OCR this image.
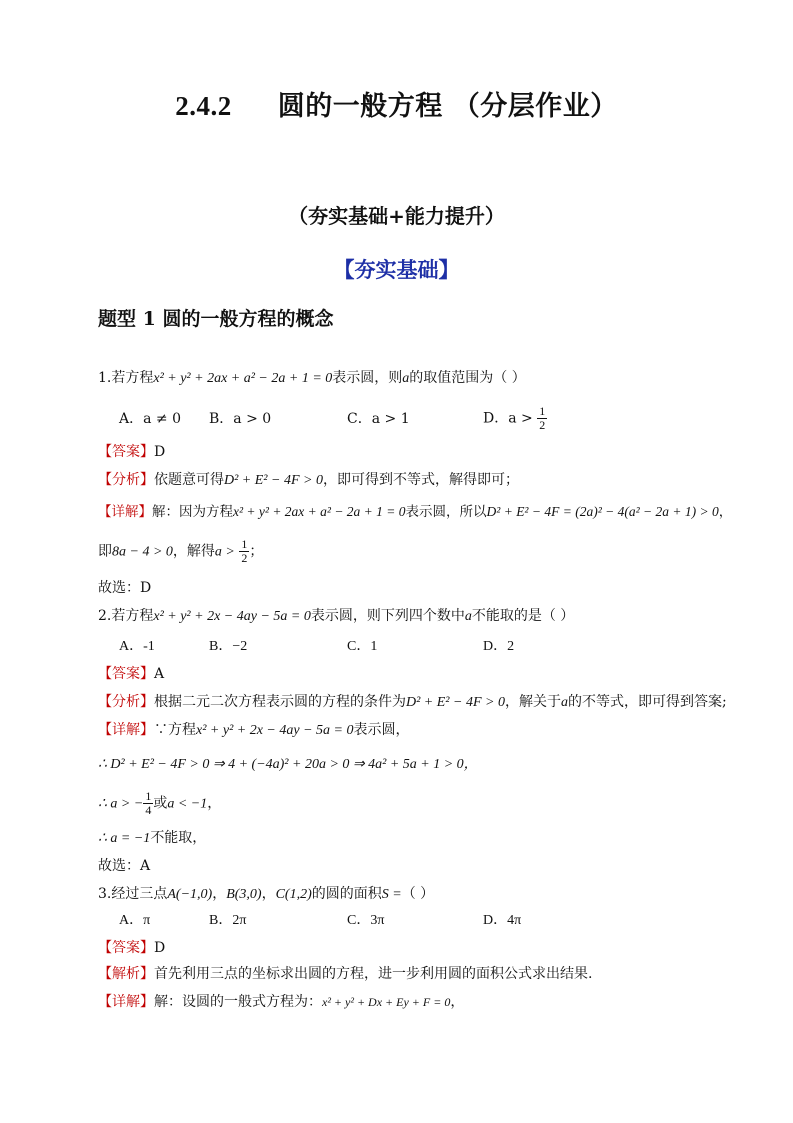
2.4.2 圆的一般方程 （分层作业）
（夯实基础+能力提升）
【夯实基础】
题型 1 圆的一般方程的概念
1.若方程x² + y² + 2ax + a² − 2a + 1 = 0表示圆，则a的取值范围为（ ）
A．a ≠ 0 B．a > 0	C．a > 1	D．$a > \frac{1}{2}$
【答案】D
【分析】依题意可得D² + E² − 4F > 0，即可得到不等式，解得即可；
【详解】解：因为方程x² + y² + 2ax + a² − 2a + 1 = 0表示圆，所以D² + E² − 4F = (2a)² − 4(a² − 2a + 1) > 0，
即8a − 4 > 0，解得$a > \frac{1}{2}$ ；
故选：D
2.若方程x² + y² + 2x − 4ay − 5a = 0表示圆，则下列四个数中a不能取的是（ ）
A．-1	B．−2	C．1	D．2
【答案】A
【分析】根据二元二次方程表示圆的方程的条件为D² + E² − 4F > 0，解关于a的不等式，即可得到答案;
【详解】∵方程x² + y² + 2x − 4ay − 5a = 0表示圆，
∴ D² + E² − 4F > 0 ⇒ 4 + (−4a)² + 20a > 0 ⇒ 4a² + 5a + 1 > 0，
∴ a > − $\frac{1}{4}$ 或a < −1，
∴ a = −1不能取，
故选：A
3.经过三点A(−1,0)，B(3,0)，C(1,2)的圆的面积S =（ ）
A．π	B．2π	C．3π	D．4π
【答案】D
【解析】首先利用三点的坐标求出圆的方程，进一步利用圆的面积公式求出结果.
【详解】解：设圆的一般式方程为：x² + y² + Dx + Ey + F = 0，
